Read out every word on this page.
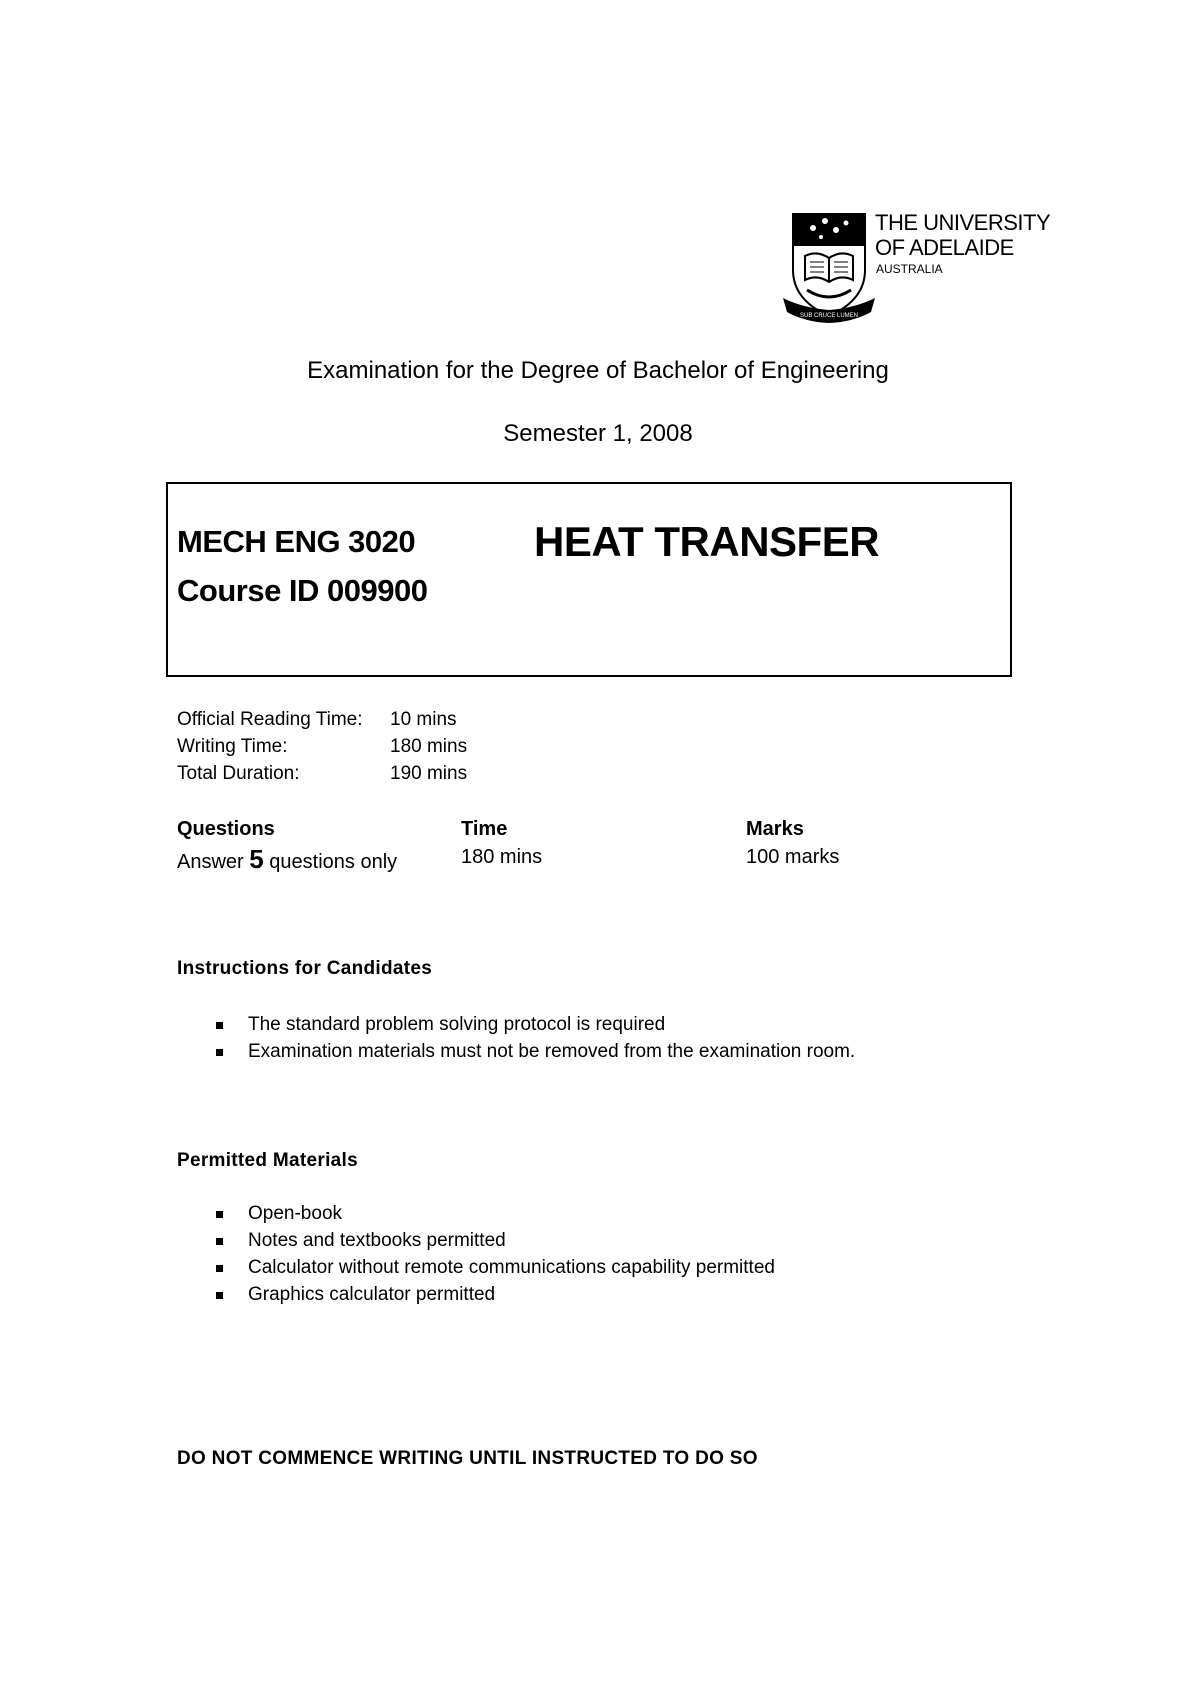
SUB CRUCE LUMEN
THE UNIVERSITY
OF ADELAIDE
AUSTRALIA
Examination for the Degree of Bachelor of Engineering
Semester 1, 2008
MECH ENG 3020
Course ID 009900
HEAT TRANSFER
Official Reading Time: 10 mins
Writing Time:	180 mins
Total Duration:	190 mins
Questions	Time	Marks
Answer 5 questions only	180 mins	100 marks
Instructions for Candidates
The standard problem solving protocol is required
Examination materials must not be removed from the examination room.
Permitted Materials
Open-book
Notes and textbooks permitted
Calculator without remote communications capability permitted
Graphics calculator permitted
DO NOT COMMENCE WRITING UNTIL INSTRUCTED TO DO SO
